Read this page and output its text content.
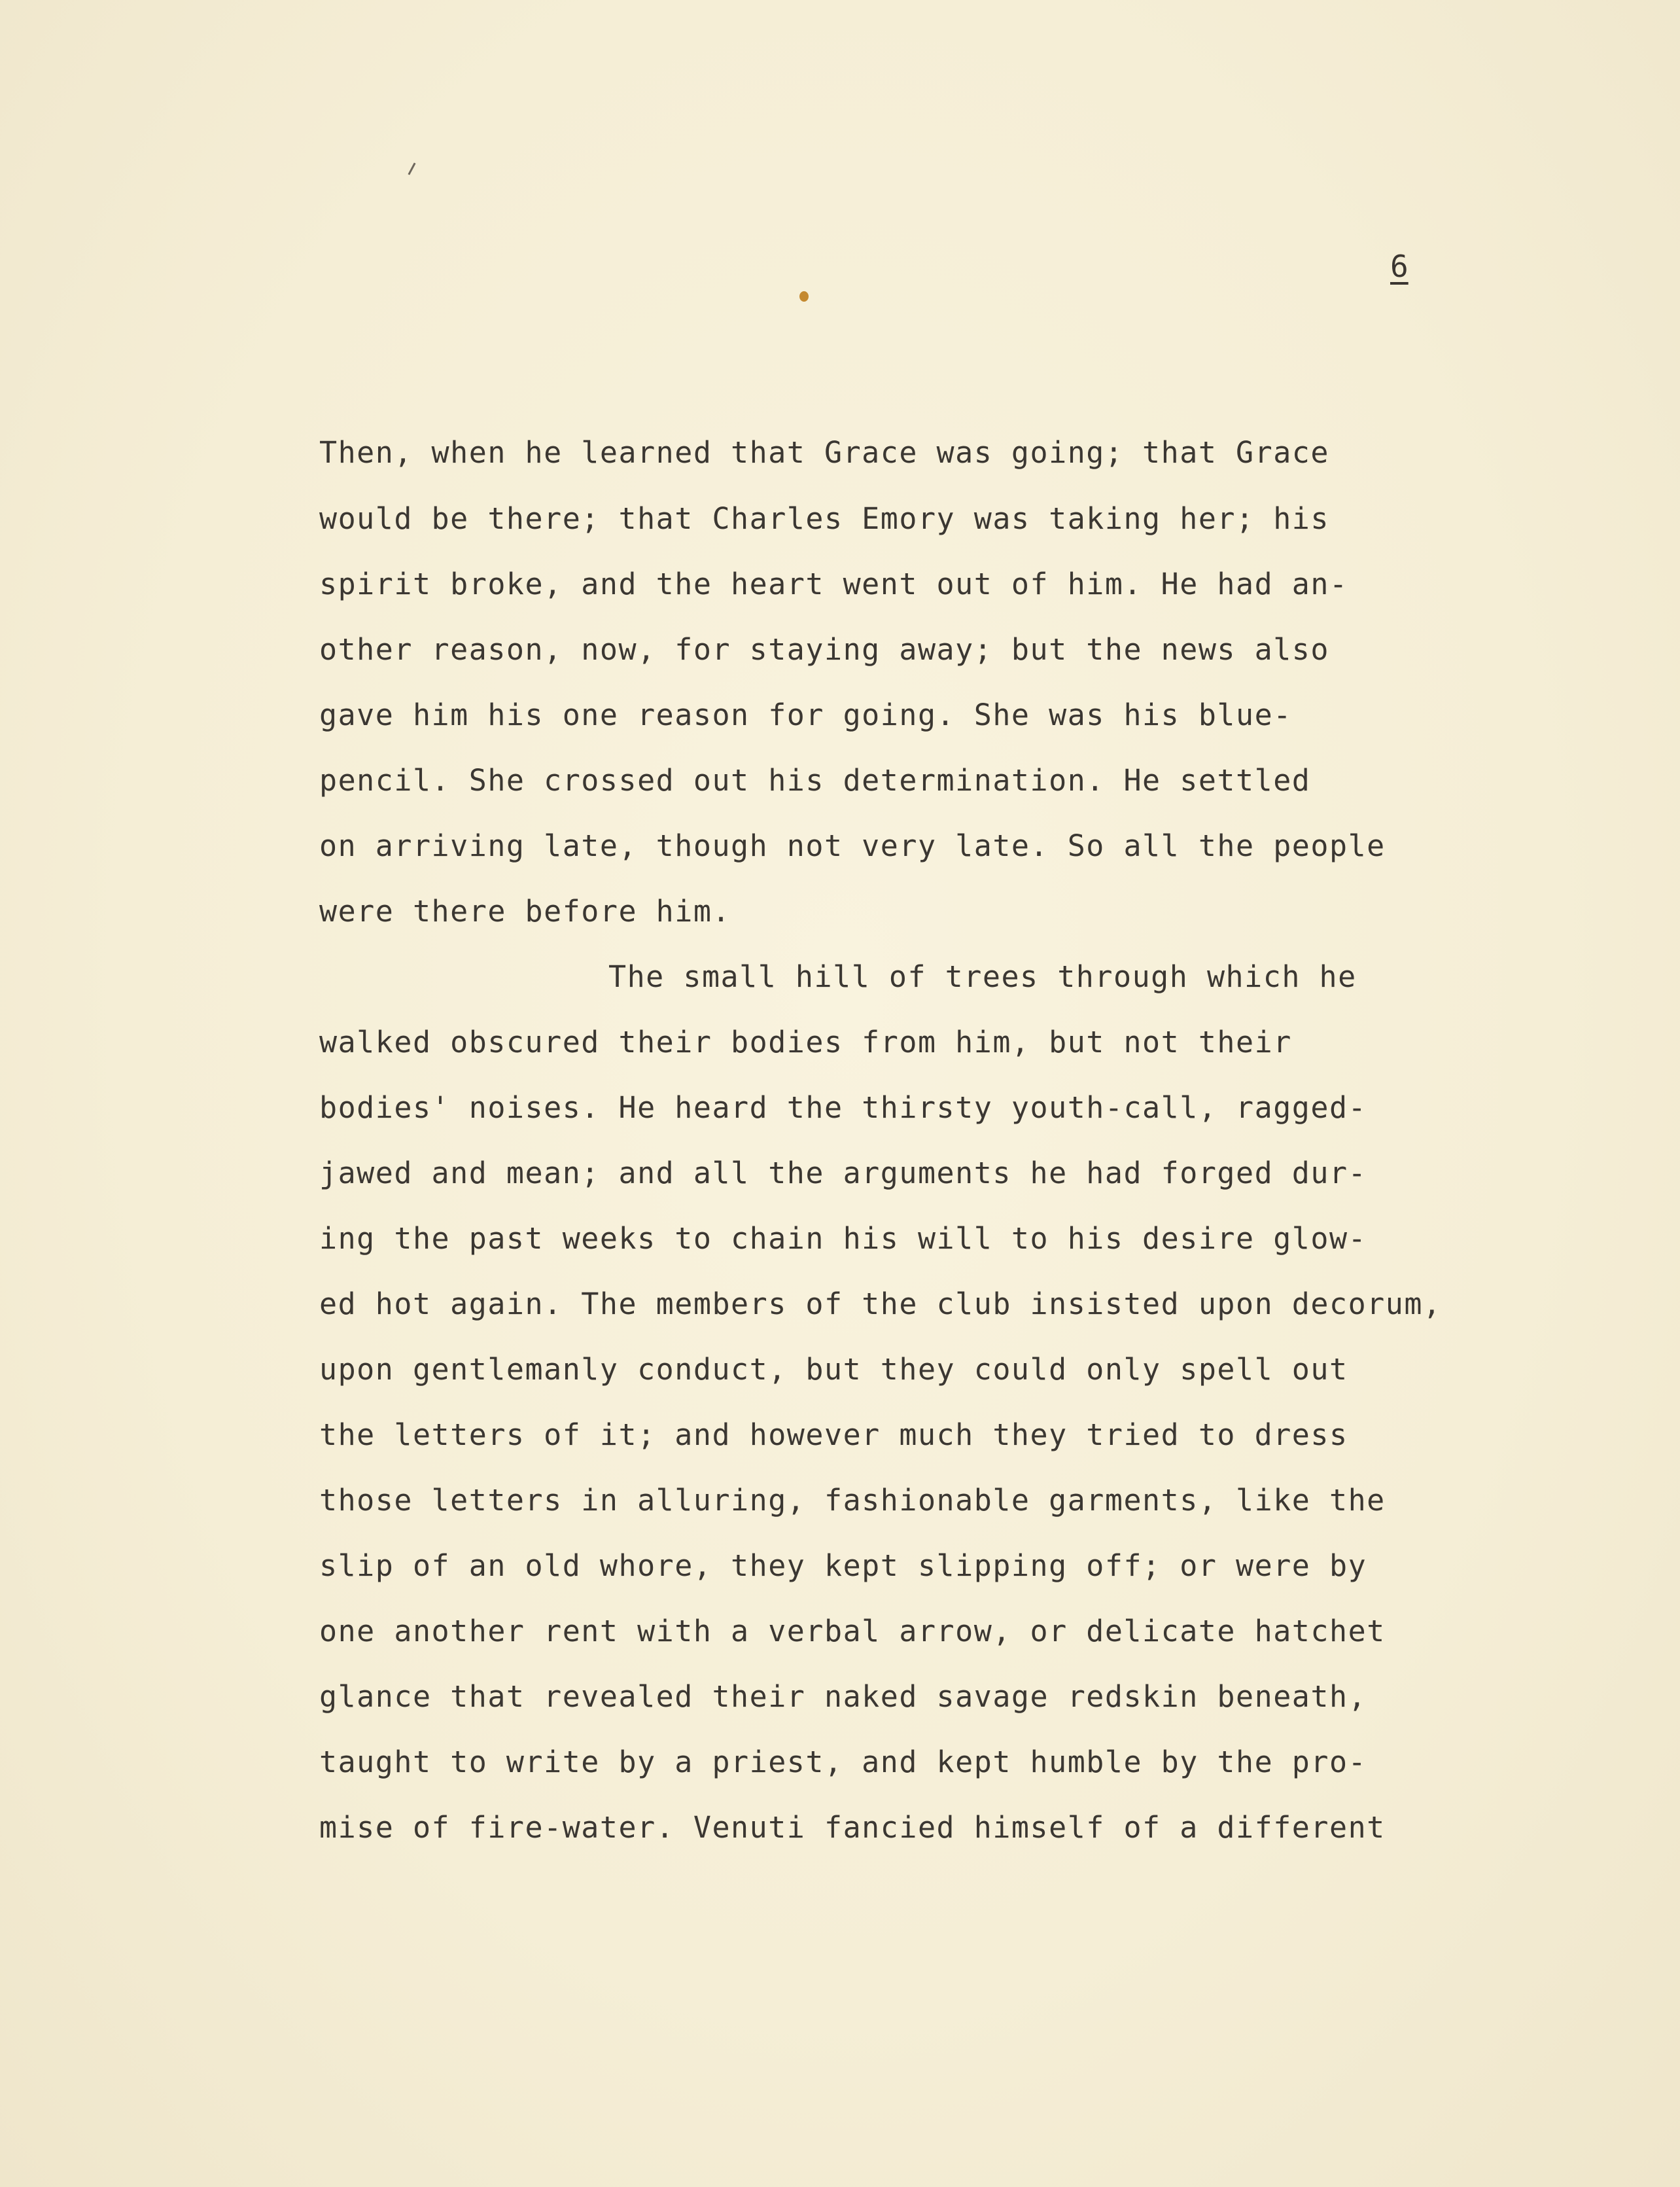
6
Then, when he learned that Grace was going; that Grace
would be there; that Charles Emory was taking her; his
spirit broke, and the heart went out of him. He had an-
other reason, now, for staying away; but the news also
gave him his one reason for going. She was his blue-
pencil. She crossed out his determination. He settled
on arriving late, though not very late. So all the people
were there before him.
The small hill of trees through which he
walked obscured their bodies from him, but not their
bodies' noises. He heard the thirsty youth-call, ragged-
jawed and mean; and all the arguments he had forged dur-
ing the past weeks to chain his will to his desire glow-
ed hot again. The members of the club insisted upon decorum,
upon gentlemanly conduct, but they could only spell out
the letters of it; and however much they tried to dress
those letters in alluring, fashionable garments, like the
slip of an old whore, they kept slipping off; or were by
one another rent with a verbal arrow, or delicate hatchet
glance that revealed their naked savage redskin beneath,
taught to write by a priest, and kept humble by the pro-
mise of fire-water. Venuti fancied himself of a different
